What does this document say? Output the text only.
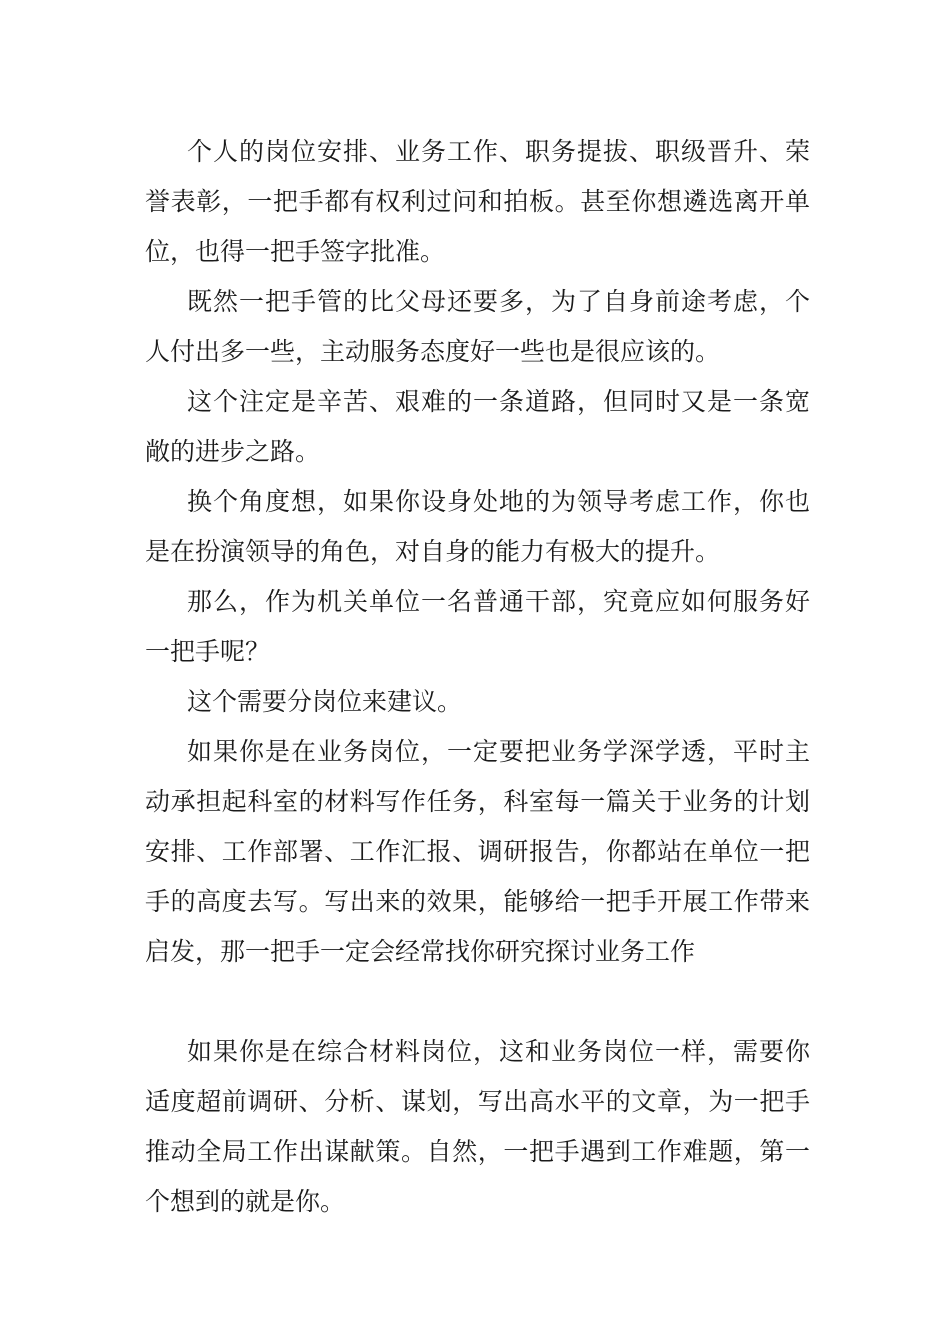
个人的岗位安排、业务工作、职务提拔、职级晋升、荣誉表彰，一把手都有权利过问和拍板。甚至你想遴选离开单位，也得一把手签字批准。

既然一把手管的比父母还要多，为了自身前途考虑，个人付出多一些，主动服务态度好一些也是很应该的。

这个注定是辛苦、艰难的一条道路，但同时又是一条宽敞的进步之路。

换个角度想，如果你设身处地的为领导考虑工作，你也是在扮演领导的角色，对自身的能力有极大的提升。

那么，作为机关单位一名普通干部，究竟应如何服务好一把手呢？

这个需要分岗位来建议。

如果你是在业务岗位，一定要把业务学深学透，平时主动承担起科室的材料写作任务，科室每一篇关于业务的计划安排、工作部署、工作汇报、调研报告，你都站在单位一把手的高度去写。写出来的效果，能够给一把手开展工作带来启发，那一把手一定会经常找你研究探讨业务工作

如果你是在综合材料岗位，这和业务岗位一样，需要你适度超前调研、分析、谋划，写出高水平的文章，为一把手推动全局工作出谋献策。自然，一把手遇到工作难题，第一个想到的就是你。
